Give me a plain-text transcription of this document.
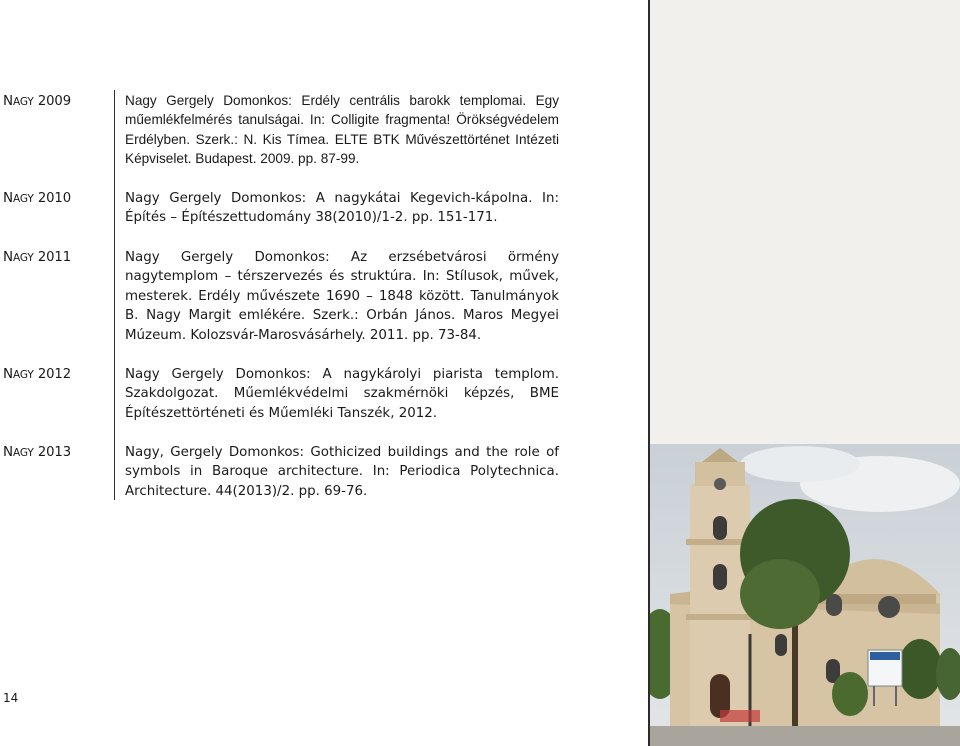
NAGY 2009	Nagy Gergely Domonkos: Erdély centrális barokk templomai. Egy műemlékfelmérés tanulságai. In: Colligite fragmenta! Örökségvédelem Erdélyben. Szerk.: N. Kis Tímea. ELTE BTK Művészettörténet Intézeti Képviselet. Budapest. 2009. pp. 87-99.
NAGY 2010	Nagy Gergely Domonkos: A nagykátai Kegevich-kápolna. In: Építés – Építészettudomány 38(2010)/1-2. pp. 151-171.
NAGY 2011	Nagy Gergely Domonkos: Az erzsébetvárosi örmény nagytemplom – térszervezés és struktúra. In: Stílusok, művek, mesterek. Erdély művészete 1690 – 1848 között. Tanulmányok B. Nagy Margit emlékére. Szerk.: Orbán János. Maros Megyei Múzeum. Kolozsvár-Marosvásárhely. 2011. pp. 73-84.
NAGY 2012	Nagy Gergely Domonkos: A nagykárolyi piarista templom. Szakdolgozat. Műemlékvédelmi szakmérnöki képzés, BME Építészettörténeti és Műemléki Tanszék, 2012.
NAGY 2013	Nagy, Gergely Domonkos: Gothicized buildings and the role of symbols in Baroque architecture. In: Periodica Polytechnica. Architecture. 44(2013)/2. pp. 69-76.
14
